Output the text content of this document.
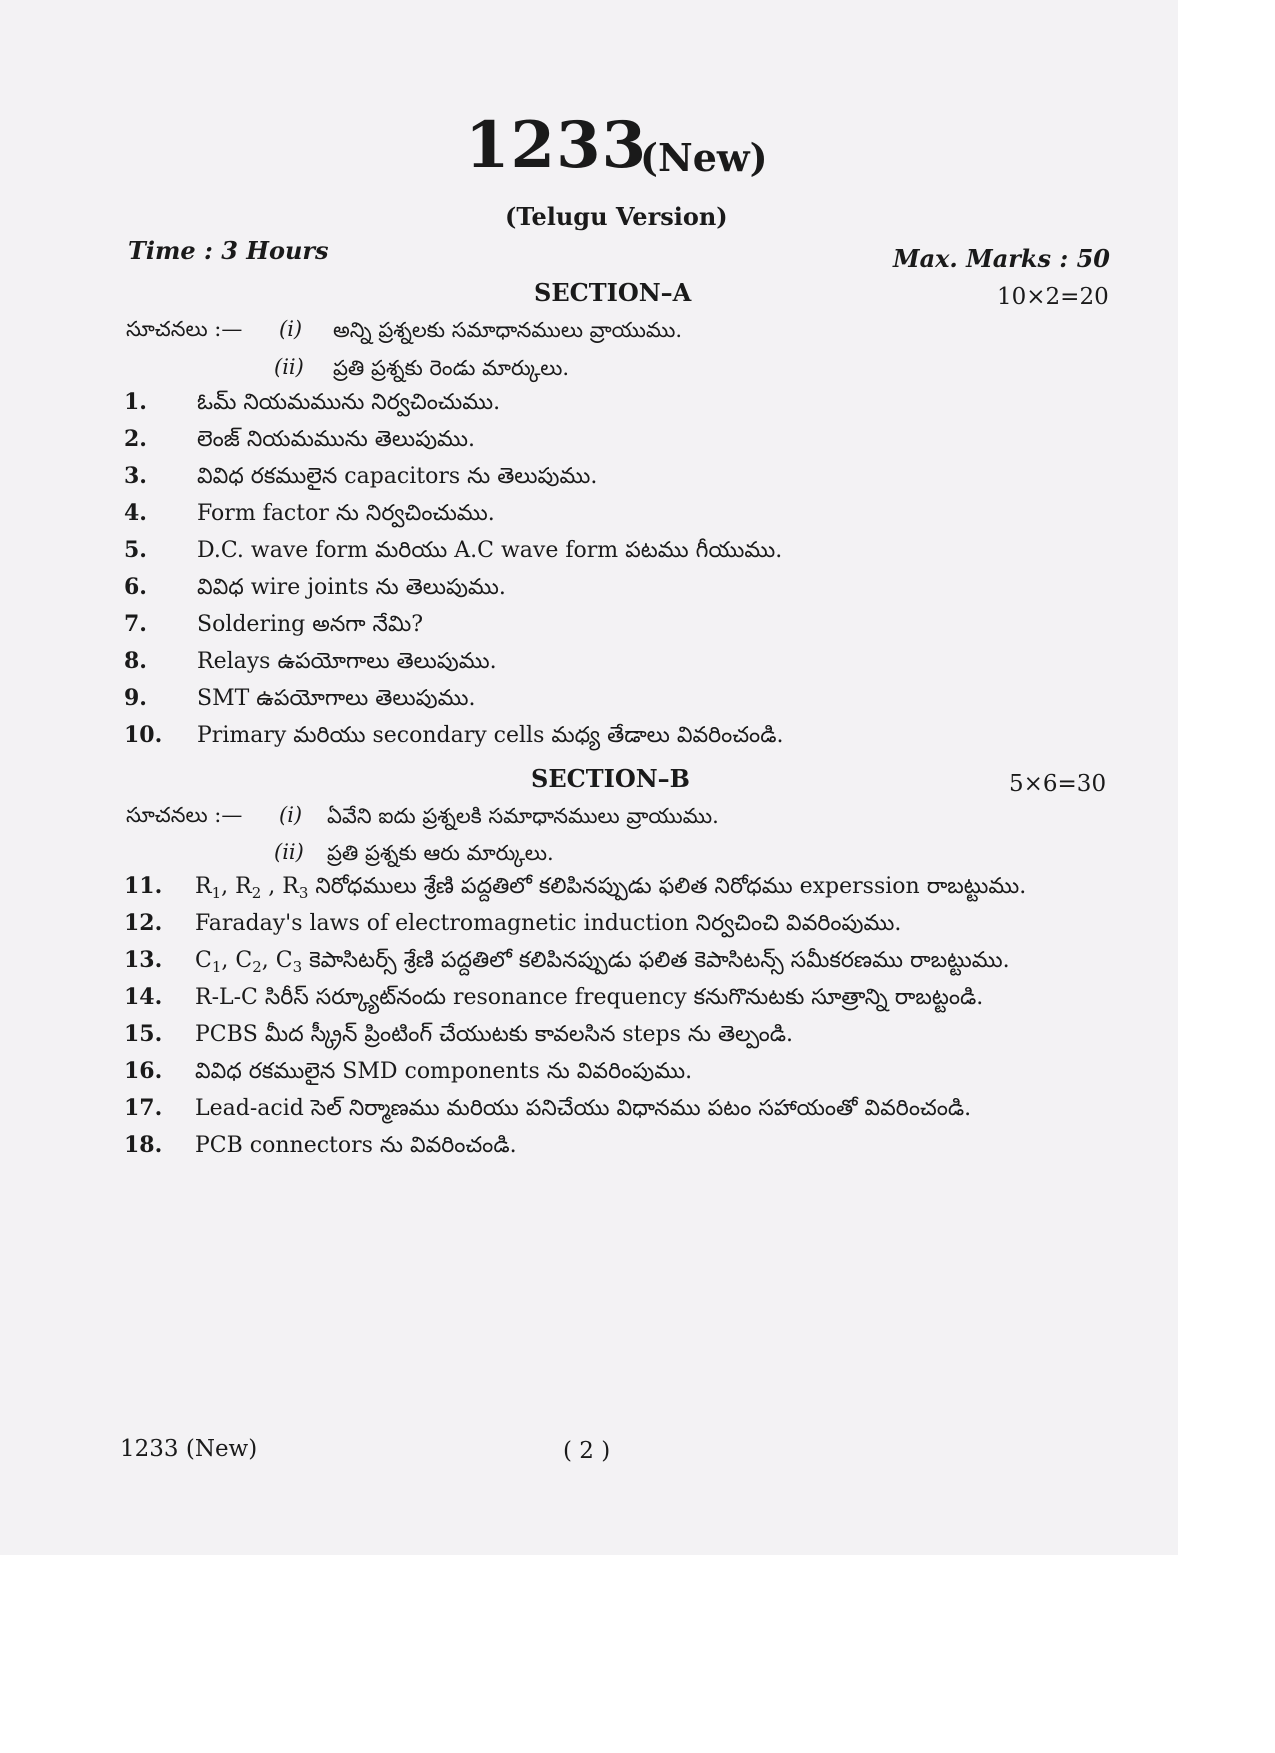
1233
(New)
(Telugu Version)
Time : 3 Hours	Max. Marks : 50
SECTION–A	10×2=20
సూచనలు :— (i) అన్ని ప్రశ్నలకు సమాధానములు వ్రాయుము.
(ii) ప్రతి ప్రశ్నకు రెండు మార్కులు.
1. ఓమ్ నియమమును నిర్వచించుము.
2. లెంజ్ నియమమును తెలుపుము.
3. వివిధ రకములైన capacitors ను తెలుపుము.
4. Form factor ను నిర్వచించుము.
5. D.C. wave form మరియు A.C wave form పటము గీయుము.
6. వివిధ wire joints ను తెలుపుము.
7. Soldering అనగా నేమి?
8. Relays ఉపయోగాలు తెలుపుము.
9. SMT ఉపయోగాలు తెలుపుము.
10. Primary మరియు secondary cells మధ్య తేడాలు వివరించండి.
SECTION–B	5×6=30
సూచనలు :— (i) ఏవేని ఐదు ప్రశ్నలకి సమాధానములు వ్రాయుము.
(ii) ప్రతి ప్రశ్నకు ఆరు మార్కులు.
11. $R_1$, $R_2$ , $R_3$ నిరోధములు శ్రేణి పద్దతిలో కలిపినప్పుడు ఫలిత నిరోధము experssion రాబట్టుము.
12. Faraday's laws of electromagnetic induction నిర్వచించి వివరింపుము.
13. $C_1$, $C_2$, $C_3$ కెపాసిటర్స్ శ్రేణి పద్దతిలో కలిపినప్పుడు ఫలిత కెపాసిటన్స్ సమీకరణము రాబట్టుము.
14. R-L-C సిరీస్ సర్క్యూట్‌నందు resonance frequency కనుగొనుటకు సూత్రాన్ని రాబట్టండి.
15. PCBS మీద స్క్రీన్ ప్రింటింగ్ చేయుటకు కావలసిన steps ను తెల్పండి.
16. వివిధ రకములైన SMD components ను వివరింపుము.
17. Lead-acid సెల్ నిర్మాణము మరియు పనిచేయు విధానము పటం సహాయంతో వివరించండి.
18. PCB connectors ను వివరించండి.
1233 (New)	( 2 )
